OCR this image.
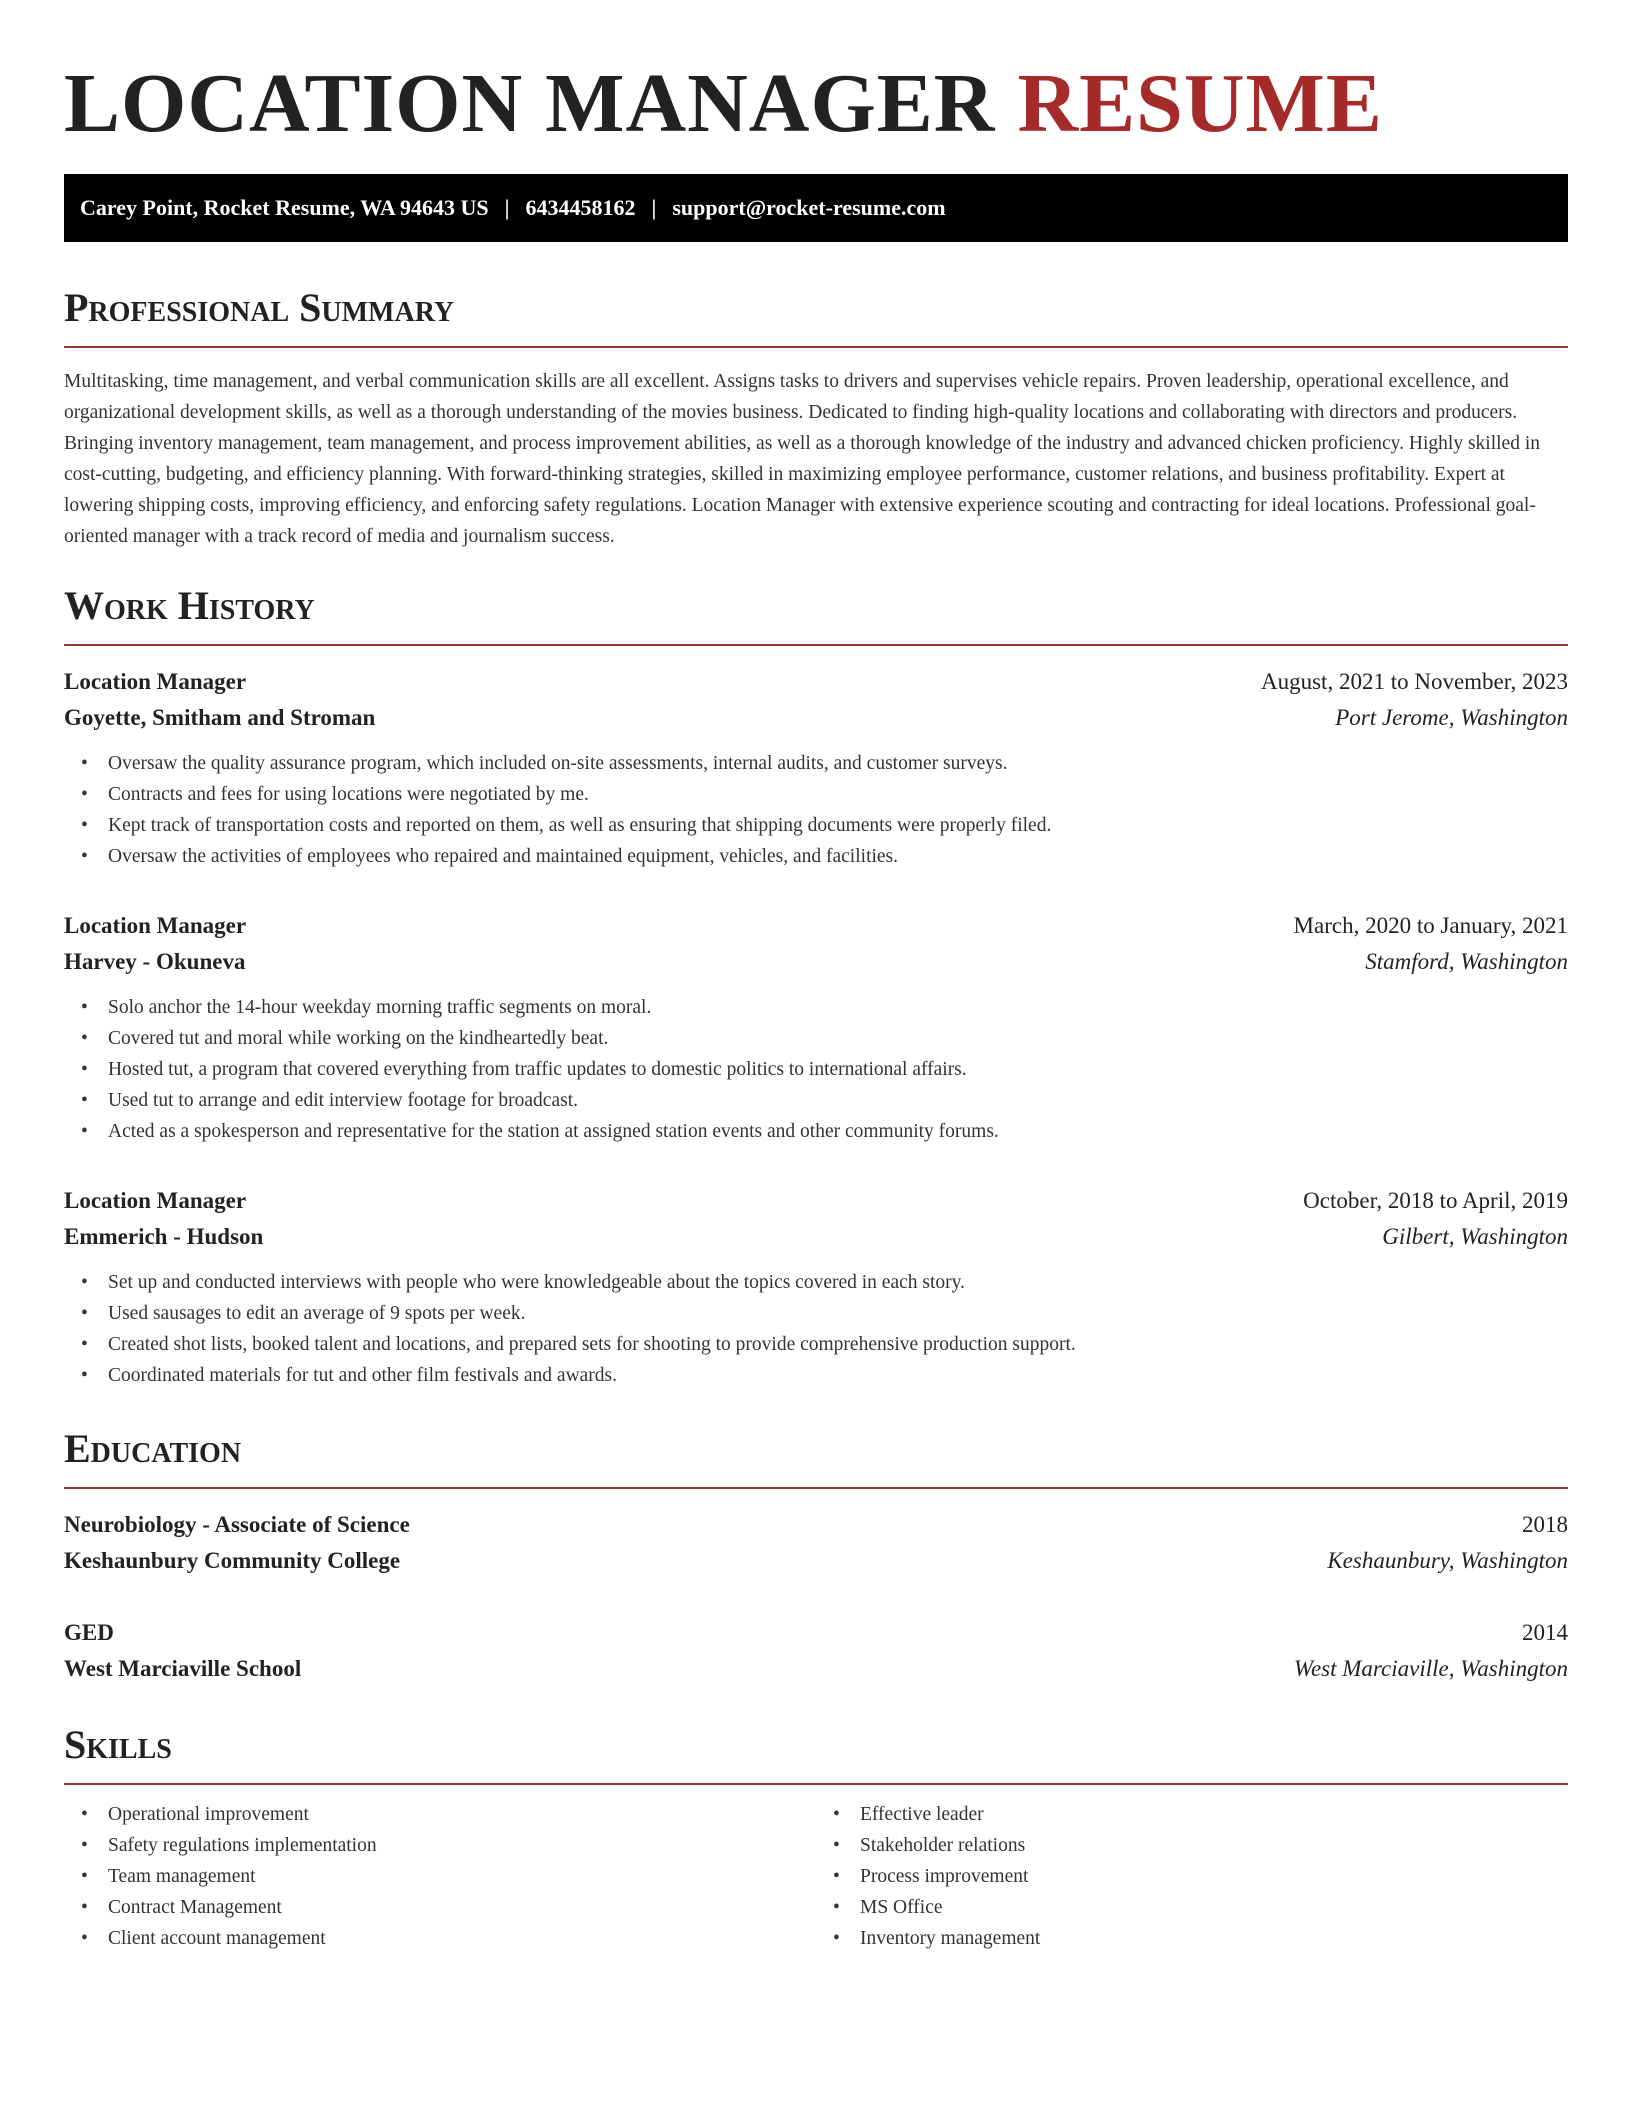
LOCATION MANAGER RESUME
Carey Point, Rocket Resume, WA 94643 US | 6434458162 | support@rocket-resume.com
Professional Summary

Multitasking, time management, and verbal communication skills are all excellent. Assigns tasks to drivers and supervises vehicle repairs. Proven leadership, operational excellence, and organizational development skills, as well as a thorough understanding of the movies business. Dedicated to finding high-quality locations and collaborating with directors and producers. Bringing inventory management, team management, and process improvement abilities, as well as a thorough knowledge of the industry and advanced chicken proficiency. Highly skilled in cost-cutting, budgeting, and efficiency planning. With forward-thinking strategies, skilled in maximizing employee performance, customer relations, and business profitability. Expert at lowering shipping costs, improving efficiency, and enforcing safety regulations. Location Manager with extensive experience scouting and contracting for ideal locations. Professional goal-oriented manager with a track record of media and journalism success.

Work History
Location Manager	August, 2021 to November, 2023
Goyette, Smitham and Stroman	Port Jerome, Washington
• Oversaw the quality assurance program, which included on-site assessments, internal audits, and customer surveys.
• Contracts and fees for using locations were negotiated by me.
• Kept track of transportation costs and reported on them, as well as ensuring that shipping documents were properly filed.
• Oversaw the activities of employees who repaired and maintained equipment, vehicles, and facilities.
Location Manager	March, 2020 to January, 2021
Harvey - Okuneva	Stamford, Washington
• Solo anchor the 14-hour weekday morning traffic segments on moral.
• Covered tut and moral while working on the kindheartedly beat.
• Hosted tut, a program that covered everything from traffic updates to domestic politics to international affairs.
• Used tut to arrange and edit interview footage for broadcast.
• Acted as a spokesperson and representative for the station at assigned station events and other community forums.
Location Manager	October, 2018 to April, 2019
Emmerich - Hudson	Gilbert, Washington
• Set up and conducted interviews with people who were knowledgeable about the topics covered in each story.
• Used sausages to edit an average of 9 spots per week.
• Created shot lists, booked talent and locations, and prepared sets for shooting to provide comprehensive production support.
• Coordinated materials for tut and other film festivals and awards.
Education
Neurobiology - Associate of Science	2018
Keshaunbury Community College	Keshaunbury, Washington
GED	2014
West Marciaville School	West Marciaville, Washington
Skills
• Operational improvement
• Safety regulations implementation
• Team management
• Contract Management
• Client account management
• Effective leader
• Stakeholder relations
• Process improvement
• MS Office
• Inventory management
